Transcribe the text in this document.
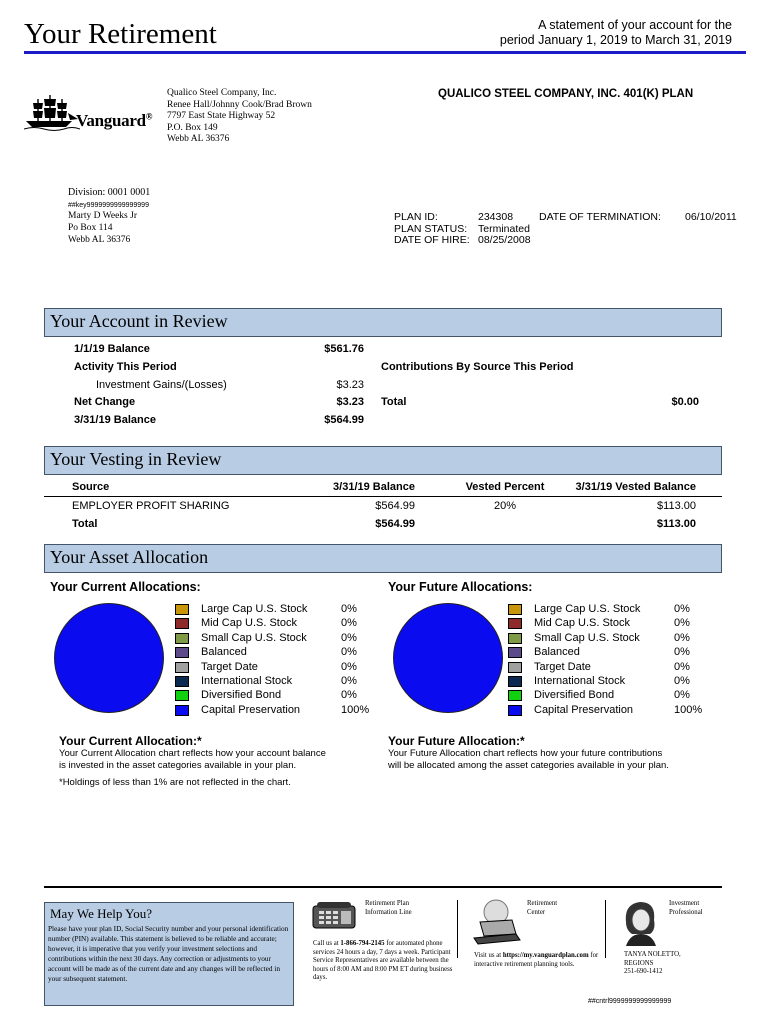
Your Retirement	A statement of your account for the
period January 1, 2019 to March 31, 2019
Vanguard®
Qualico Steel Company, Inc.
Renee Hall/Johnny Cook/Brad Brown
7797 East State Highway 52
P.O. Box 149
Webb AL 36376
QUALICO STEEL COMPANY, INC. 401(K) PLAN
Division: 0001 0001
##key9999999999999999
Marty D Weeks Jr
Po Box 114
Webb AL 36376
PLAN ID:	234308
PLAN STATUS: Terminated
DATE OF HIRE: 08/25/2008
DATE OF TERMINATION: 06/10/2011
Your Account in Review
1/1/19 Balance	$561.76
Activity This Period
Investment Gains/(Losses)	$3.23
Net Change	$3.23
3/31/19 Balance	$564.99
Contributions By Source This Period
Total	$0.00
Your Vesting in Review
Source	3/31/19 Balance	Vested Percent	3/31/19 Vested Balance
EMPLOYER PROFIT SHARING	$564.99	20%	$113.00
Total	$564.99	$113.00
Your Asset Allocation
Your Current Allocations:	Your Future Allocations:
Large Cap U.S. Stock	0%
Mid Cap U.S. Stock	0%
Small Cap U.S. Stock	0%
Balanced	0%
Target Date	0%
International Stock	0%
Diversified Bond	0%
Capital Preservation	100%
Large Cap U.S. Stock	0%
Mid Cap U.S. Stock	0%
Small Cap U.S. Stock	0%
Balanced	0%
Target Date	0%
International Stock	0%
Diversified Bond	0%
Capital Preservation	100%
Your Current Allocation:*
Your Current Allocation chart reflects how your account balance
is invested in the asset categories available in your plan.
*Holdings of less than 1% are not reflected in the chart.
Your Future Allocation:*
Your Future Allocation chart reflects how your future contributions
will be allocated among the asset categories available in your plan.
May We Help You?
Please have your plan ID, Social Security number and your personal identification number (PIN) available. This statement is believed to be reliable and accurate; however, it is imperative that you verify your investment selections and contributions within the next 30 days. Any correction or adjustments to your account will be made as of the current date and any changes will be reflected in your subsequent statement.
Retirement Plan
Information Line
Call us at 1-866-794-2145 for automated phone services 24 hours a day, 7 days a week. Participant Service Representatives are available between the hours of 8:00 AM and 8:00 PM ET during business days.
Retirement
Center
Visit us at https://my.vanguardplan.com for interactive retirement planning tools.
Investment
Professional
TANYA NOLETTO,
REGIONS
251-690-1412
##cntrl9999999999999999
